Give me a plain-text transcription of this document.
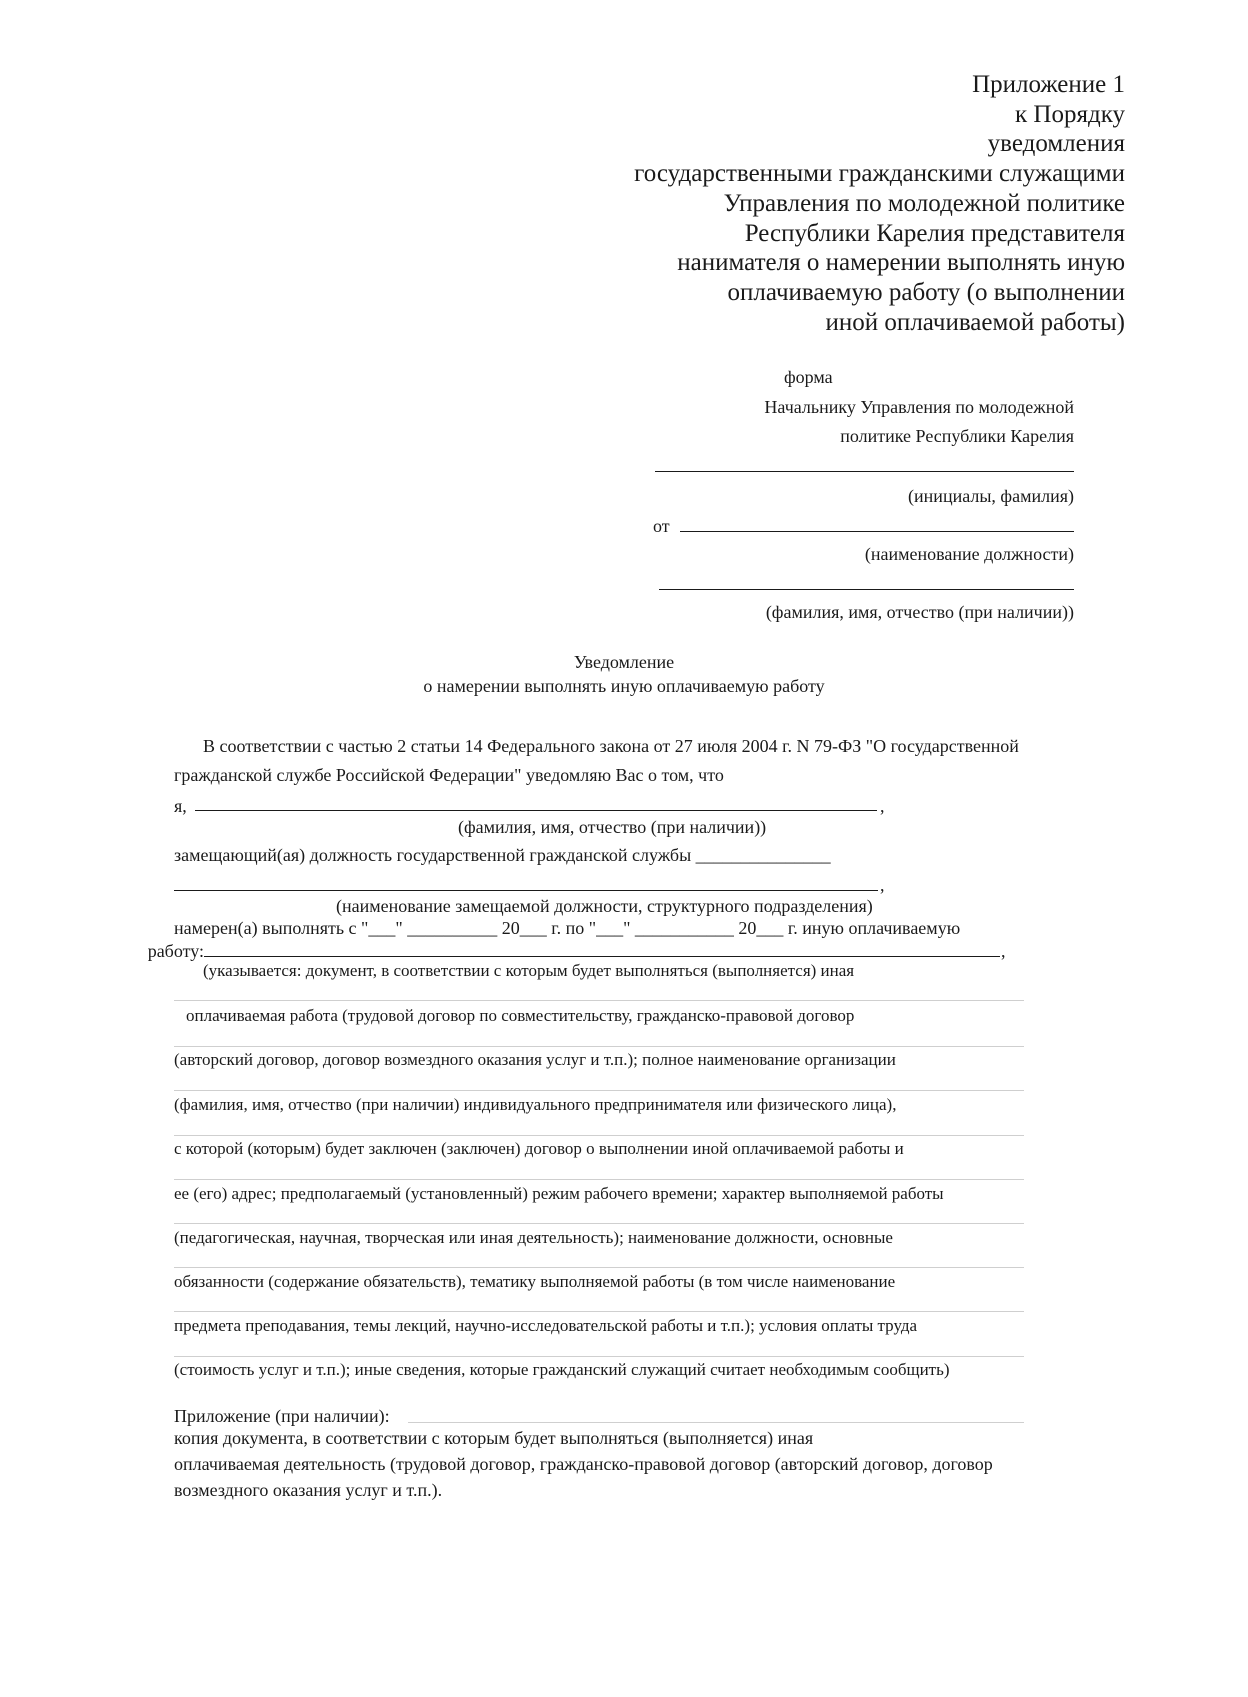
Приложение 1
к Порядку
уведомления
государственными гражданскими служащими
Управления по молодежной политике
Республики Карелия представителя
нанимателя о намерении выполнять иную
оплачиваемую работу (о выполнении
иной оплачиваемой работы)
форма
Начальнику Управления по молодежной
политике Республики Карелия
(инициалы, фамилия)
от
(наименование должности)
(фамилия, имя, отчество (при наличии))
Уведомление
о намерении выполнять иную оплачиваемую работу
В соответствии с частью 2 статьи 14 Федерального закона от 27 июля 2004 г. N 79-ФЗ "О государственной
гражданской службе Российской Федерации" уведомляю Вас о том, что
я,	,
(фамилия, имя, отчество (при наличии))
замещающий(ая) должность государственной гражданской службы _______________
,
(наименование замещаемой должности, структурного подразделения)
намерен(а) выполнять с "___" __________ 20___ г. по "___" ___________ 20___ г. иную оплачиваемую
работу:	,
(указывается: документ, в соответствии с которым будет выполняться (выполняется) иная
оплачиваемая работа (трудовой договор по совместительству, гражданско-правовой договор
(авторский договор, договор возмездного оказания услуг и т.п.); полное наименование организации
(фамилия, имя, отчество (при наличии) индивидуального предпринимателя или физического лица),
с которой (которым) будет заключен (заключен) договор о выполнении иной оплачиваемой работы и
ее (его) адрес; предполагаемый (установленный) режим рабочего времени; характер выполняемой работы
(педагогическая, научная, творческая или иная деятельность); наименование должности, основные
обязанности (содержание обязательств), тематику выполняемой работы (в том числе наименование
предмета преподавания, темы лекций, научно-исследовательской работы и т.п.); условия оплаты труда
(стоимость услуг и т.п.); иные сведения, которые гражданский служащий считает необходимым сообщить)
Приложение (при наличии):
копия документа, в соответствии с которым будет выполняться (выполняется) иная
оплачиваемая деятельность (трудовой договор, гражданско-правовой договор (авторский договор, договор
возмездного оказания услуг и т.п.).
